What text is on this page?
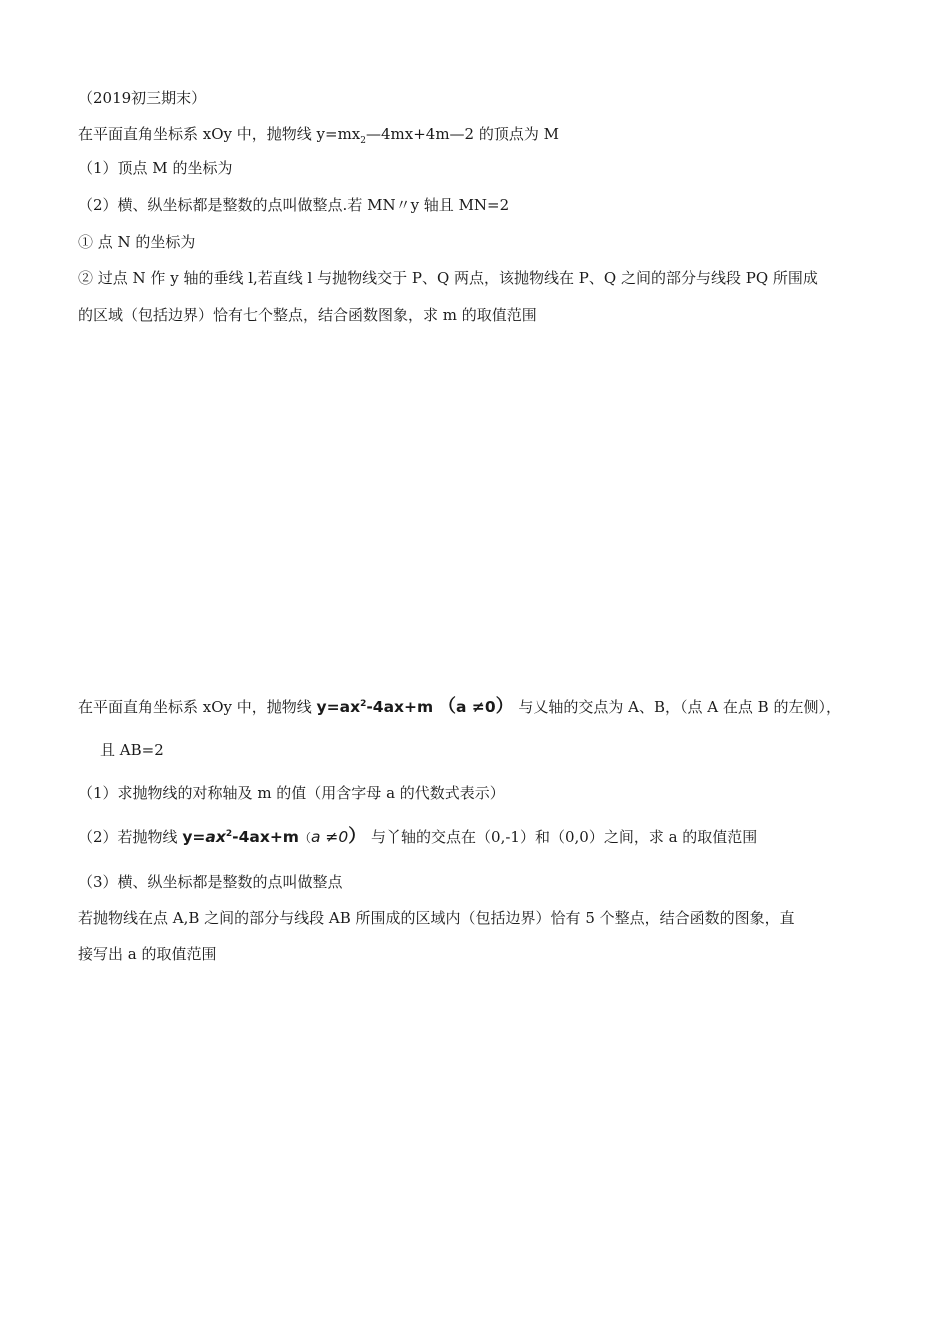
（2019初三期末）
在平面直角坐标系 xOy 中，抛物线 $y=mx_2—4mx+4m—2$ 的顶点为 M
（1）顶点 M 的坐标为
（2）横、纵坐标都是整数的点叫做整点.若 MN〃y 轴且 MN=2
① 点 N 的坐标为
② 过点 N 作 y 轴的垂线 l,若直线 l 与抛物线交于 P、Q 两点，该抛物线在 P、Q 之间的部分与线段 PQ 所围成
的区域（包括边界）恰有七个整点，结合函数图象，求 m 的取值范围
在平面直角坐标系 xOy 中，抛物线 $y=ax^2-4ax+m$ （a ≠0） 与乂轴的交点为 A、B，（点 A 在点 B 的左侧），
且 AB=2
（1）求抛物线的对称轴及 m 的值（用含字母 a 的代数式表示）
（2）若抛物线 $y=ax^2-4ax+m(a \ne 0)$ 与丫轴的交点在（0,-1）和（0,0）之间，求 a 的取值范围
（3）横、纵坐标都是整数的点叫做整点
若抛物线在点 A,B 之间的部分与线段 AB 所围成的区域内（包括边界）恰有 5 个整点，结合函数的图象，直
接写出 a 的取值范围
